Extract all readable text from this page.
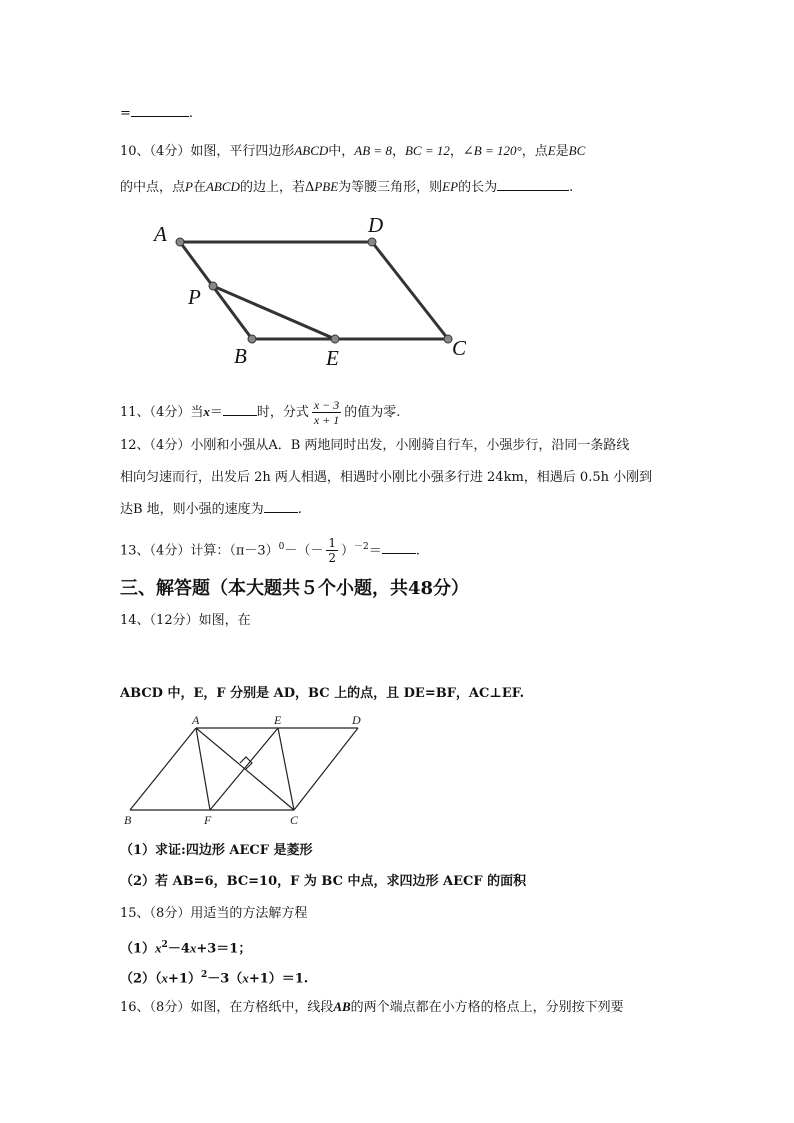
=	.
10、（4分）如图，平行四边形ABCD中，AB = 8，BC = 12，∠B = 120°，点E是BC
的中点，点P在ABCD的边上，若ΔPBE为等腰三角形，则EP的长为	.
A	D
P
B	E	C
11、（4分）当x＝	时，分式 $\frac{x - 3}{x + 1}$ 的值为零.
12、（4分）小刚和小强从A．B 两地同时出发，小刚骑自行车，小强步行，沿同一条路线
相向匀速而行，出发后 2h 两人相遇，相遇时小刚比小强多行进 24km，相遇后 0.5h 小刚到
达B 地，则小强的速度为	.
13、（4分）计算：$(\pi-3)^0-(- \frac{1}{2} )^{-2}=$	.
三、解答题（本大题共５个小题，共48分）
14、（12分）如图，在
ABCD 中，E，F 分别是 AD，BC 上的点，且 DE=BF，AC⊥EF.
A	E	D
B	F	C
（1）求证:四边形 AECF 是菱形
（2）若 AB=6，BC=10，F 为 BC 中点，求四边形 AECF 的面积
15、（8分）用适当的方法解方程
$(1)x^2-4x+3=1$；
$(2)(x+1)^2-3(x+1)=1$.
16、（8分）如图，在方格纸中，线段AB的两个端点都在小方格的格点上，分别按下列要
